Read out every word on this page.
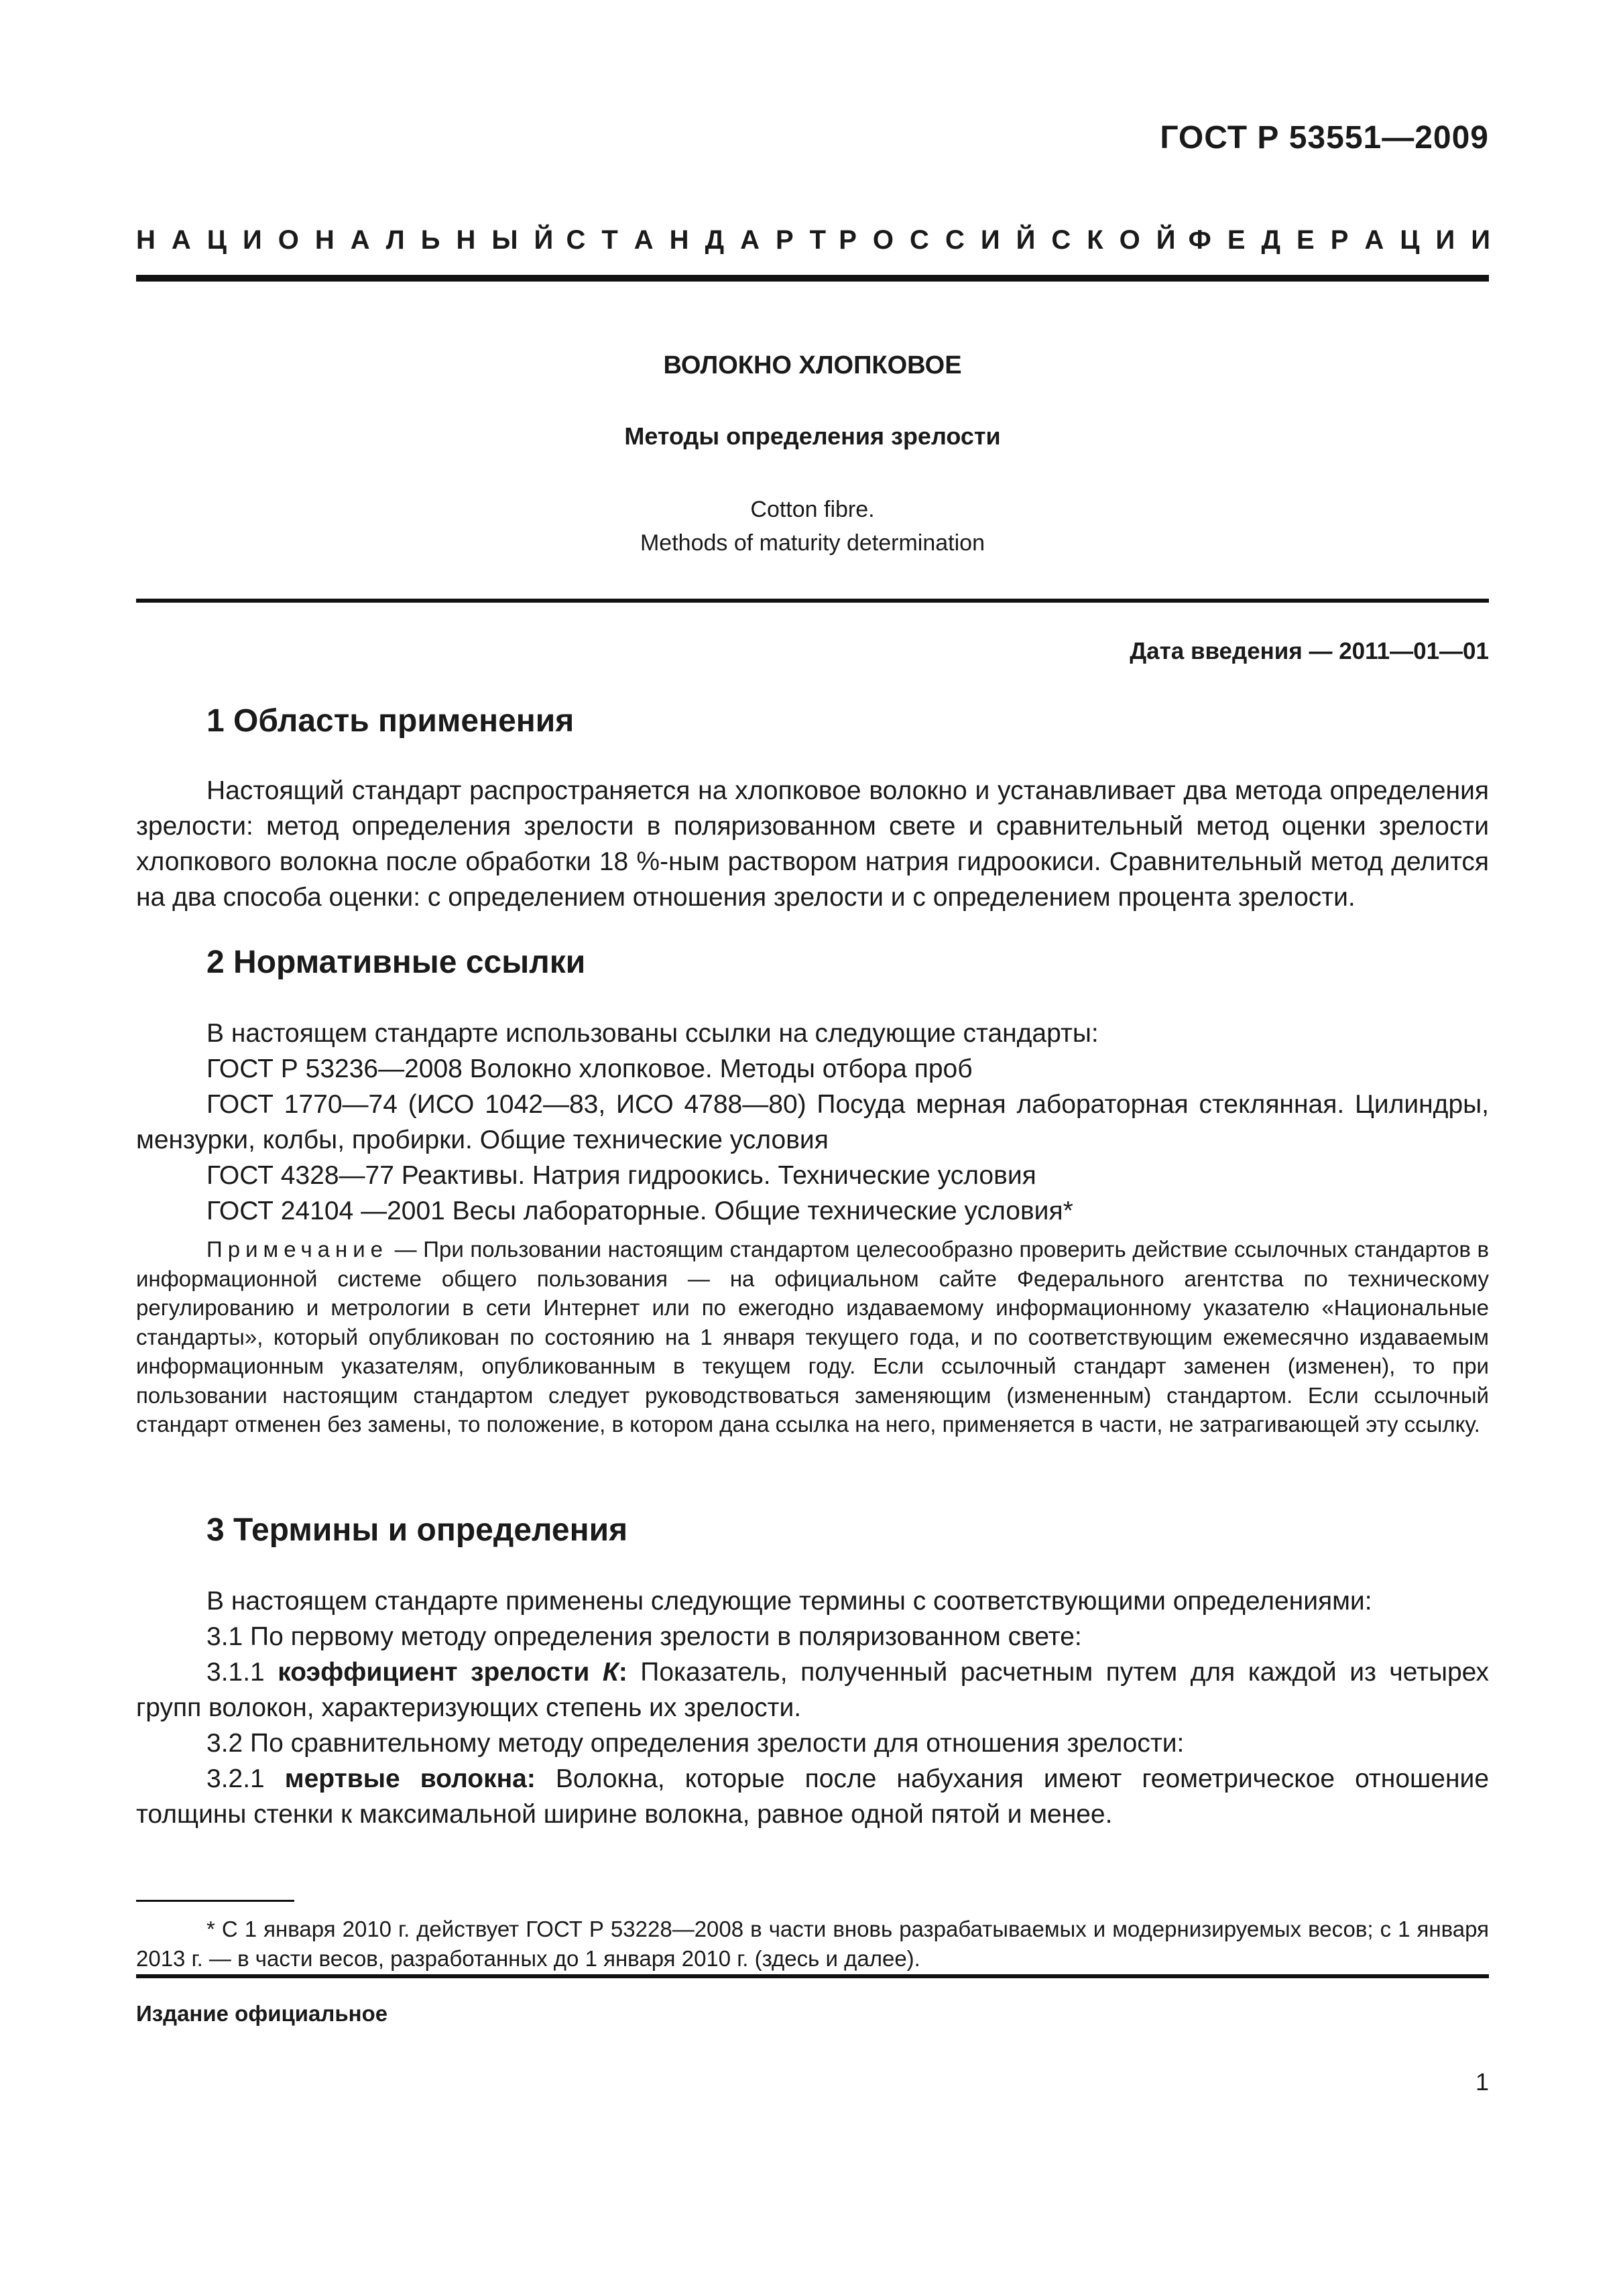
ГОСТ Р 53551—2009
Н А Ц И О Н А Л Ь Н Ы Й С Т А Н Д А Р Т Р О С С И Й С К О Й Ф Е Д Е Р А Ц И И
ВОЛОКНО ХЛОПКОВОЕ
Методы определения зрелости
Cotton fibre.
Methods of maturity determination
Дата введения — 2011—01—01
1 Область применения

Настоящий стандарт распространяется на хлопковое волокно и устанавливает два метода определения зрелости: метод определения зрелости в поляризованном свете и сравнительный метод оценки зрелости хлопкового волокна после обработки 18 %-ным раствором натрия гидроокиси. Сравнительный метод делится на два способа оценки: с определением отношения зрелости и с определением процента зрелости.

2 Нормативные ссылки

В настоящем стандарте использованы ссылки на следующие стандарты:

ГОСТ Р 53236—2008 Волокно хлопковое. Методы отбора проб

ГОСТ 1770—74 (ИСО 1042—83, ИСО 4788—80) Посуда мерная лабораторная стеклянная. Цилиндры, мензурки, колбы, пробирки. Общие технические условия

ГОСТ 4328—77 Реактивы. Натрия гидроокись. Технические условия

ГОСТ 24104 —2001 Весы лабораторные. Общие технические условия*

Примечание — При пользовании настоящим стандартом целесообразно проверить действие ссылочных стандартов в информационной системе общего пользования — на официальном сайте Федерального агентства по техническому регулированию и метрологии в сети Интернет или по ежегодно издаваемому информационному указателю «Национальные стандарты», который опубликован по состоянию на 1 января текущего года, и по соответствующим ежемесячно издаваемым информационным указателям, опубликованным в текущем году. Если ссылочный стандарт заменен (изменен), то при пользовании настоящим стандартом следует руководствоваться заменяющим (измененным) стандартом. Если ссылочный стандарт отменен без замены, то положение, в котором дана ссылка на него, применяется в части, не затрагивающей эту ссылку.
3 Термины и определения

В настоящем стандарте применены следующие термины с соответствующими определениями:

3.1 По первому методу определения зрелости в поляризованном свете:

3.1.1 коэффициент зрелости К: Показатель, полученный расчетным путем для каждой из четырех групп волокон, характеризующих степень их зрелости.

3.2 По сравнительному методу определения зрелости для отношения зрелости:

3.2.1 мертвые волокна: Волокна, которые после набухания имеют геометрическое отношение толщины стенки к максимальной ширине волокна, равное одной пятой и менее.

* С 1 января 2010 г. действует ГОСТ Р 53228—2008 в части вновь разрабатываемых и модернизируемых весов; с 1 января 2013 г. — в части весов, разработанных до 1 января 2010 г. (здесь и далее).
Издание официальное
1
